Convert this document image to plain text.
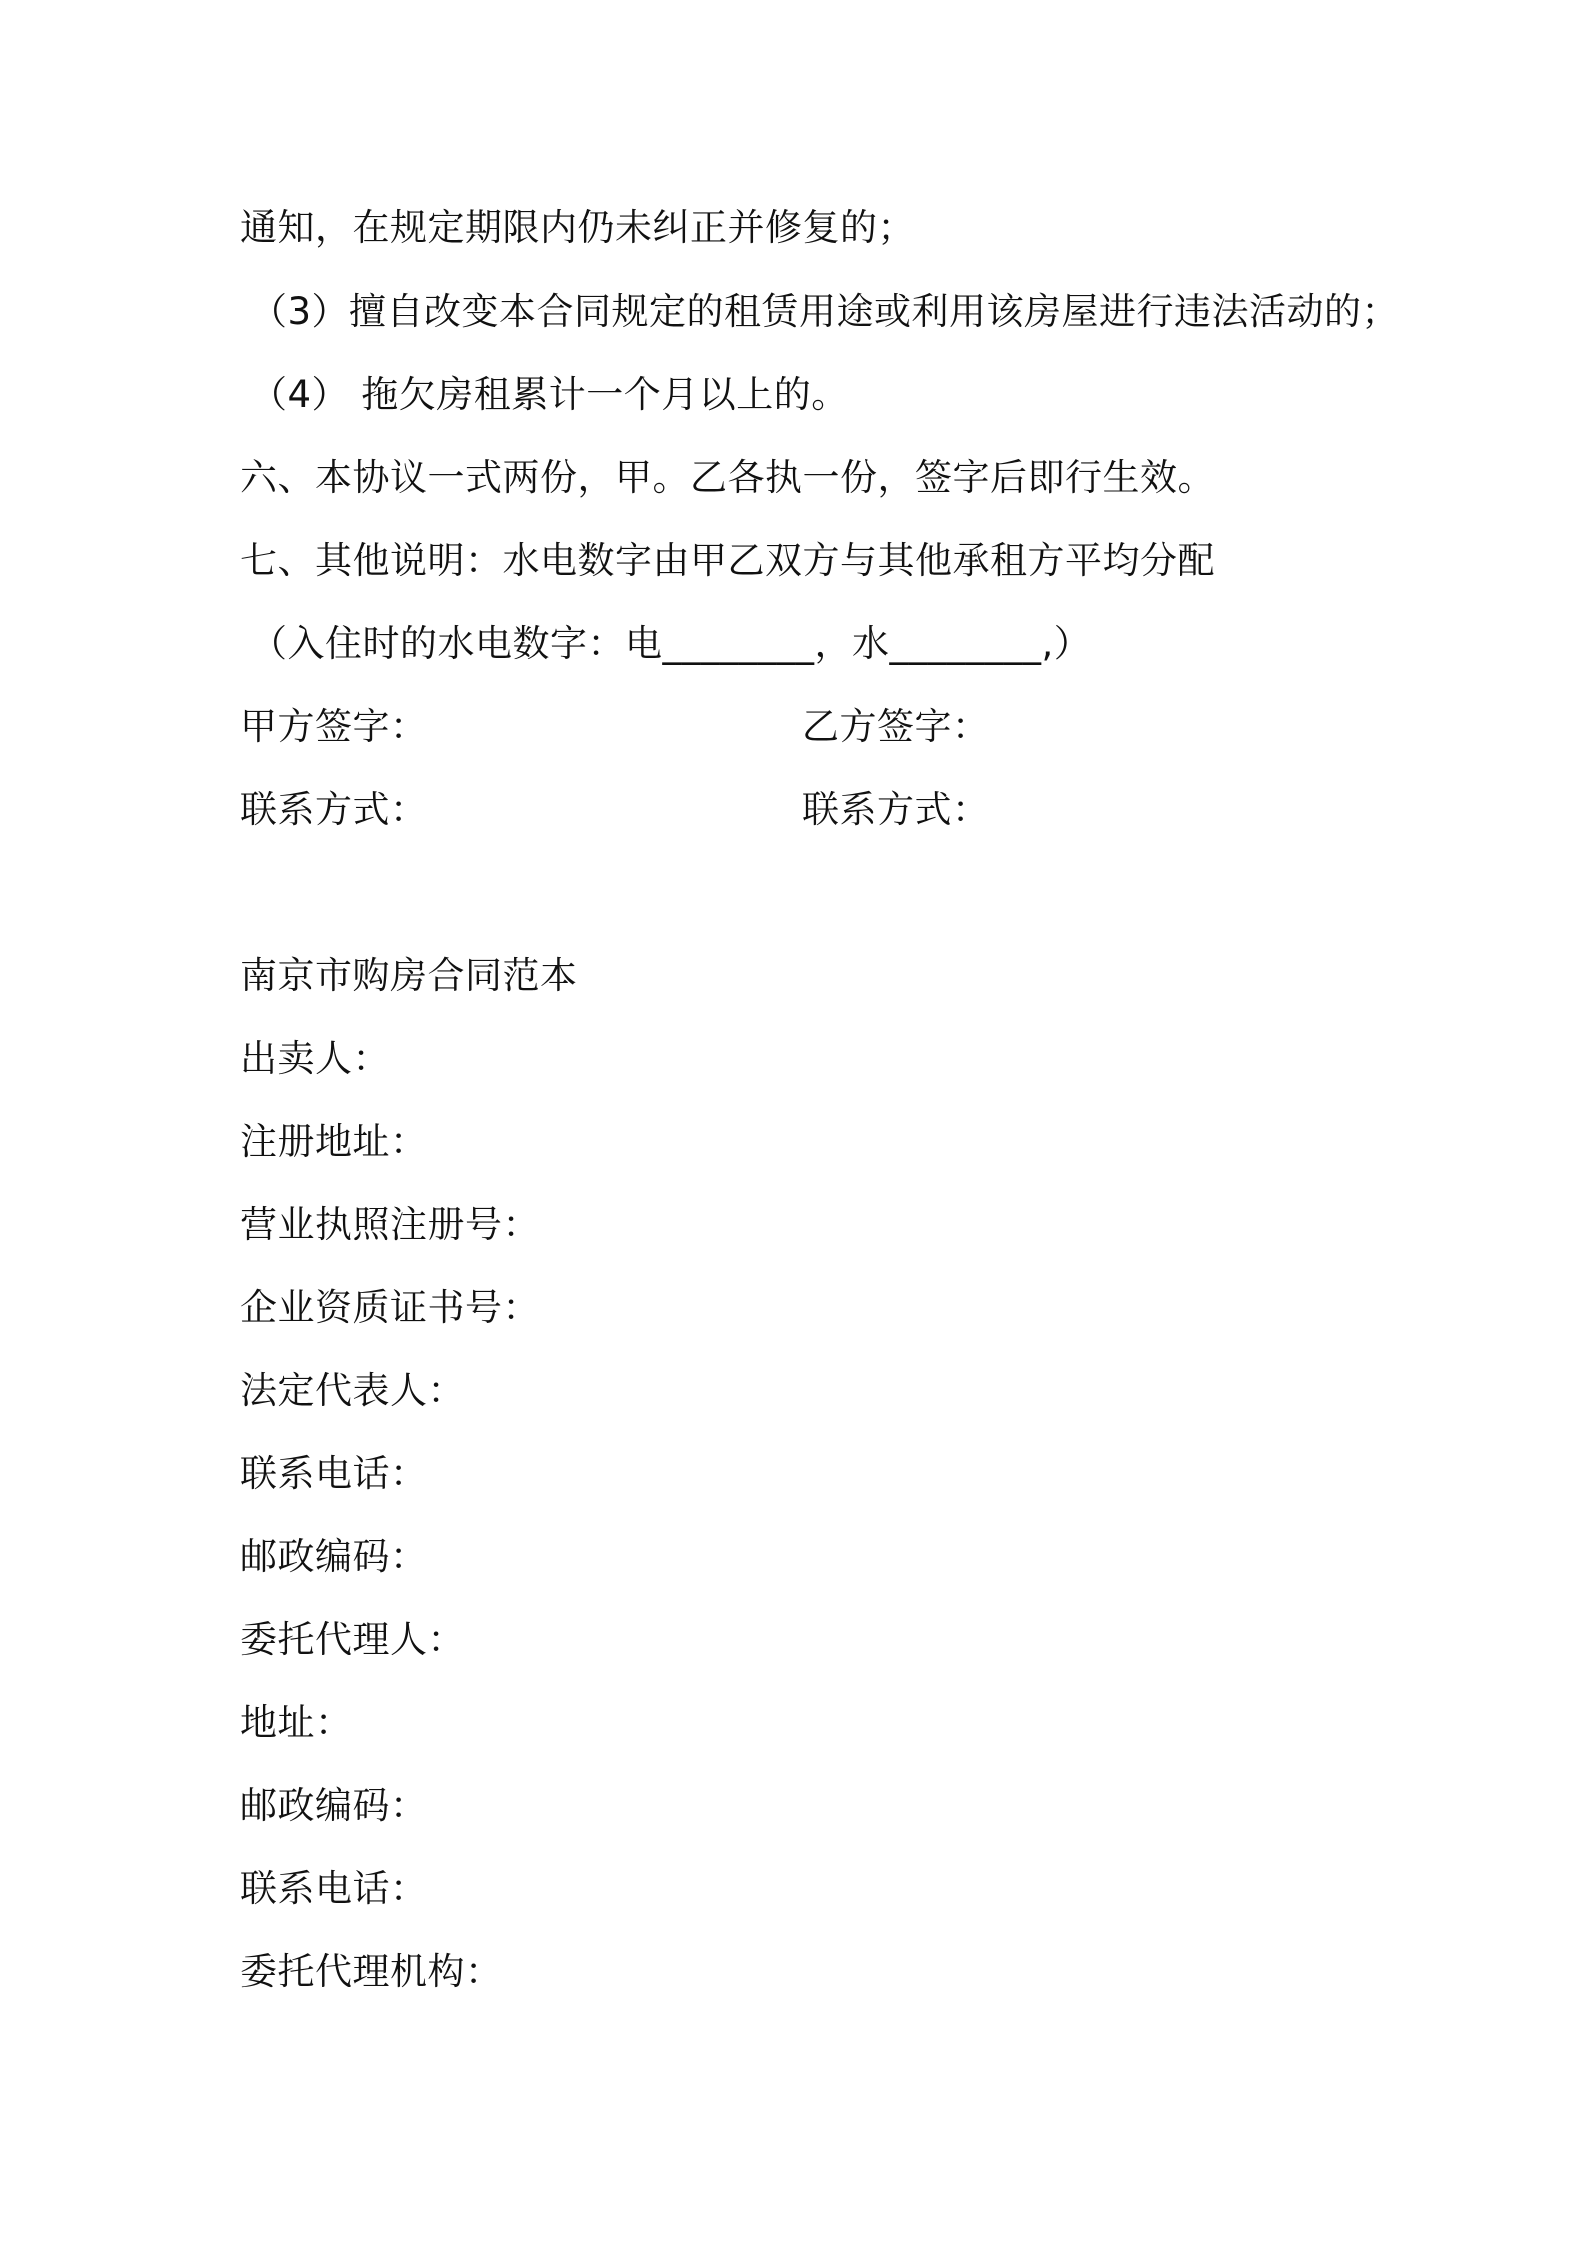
通知，在规定期限内仍未纠正并修复的；
（3）擅自改变本合同规定的租赁用途或利用该房屋进行违法活动的；
（4） 拖欠房租累计一个月以上的。
六、本协议一式两份，甲。乙各执一份，签字后即行生效。
七、其他说明：水电数字由甲乙双方与其他承租方平均分配
（入住时的水电数字：电________，水________,）
甲方签字：	乙方签字：
联系方式：	联系方式：
南京市购房合同范本
出卖人：
注册地址：
营业执照注册号：
企业资质证书号：
法定代表人：
联系电话：
邮政编码：
委托代理人：
地址：
邮政编码：
联系电话：
委托代理机构：
